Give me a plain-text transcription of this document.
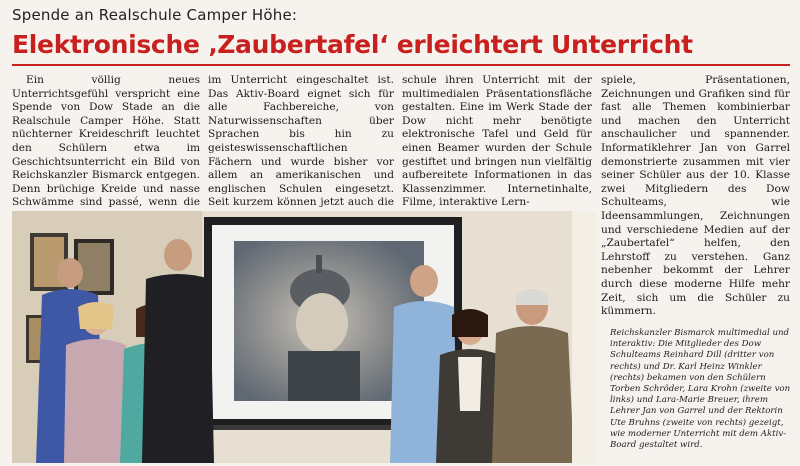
Spende an Realschule Camper Höhe:
Elektronische ‚Zaubertafel‘ erleichtert Unterricht

Ein völlig neues Unterrichtsgefühl verspricht eine Spende von Dow Stade an die Realschule Camper Höhe. Statt nüchterner Kreideschrift leuchtet den Schülern etwa im Geschichtsunterricht ein Bild von Reichskanzler Bismarck entgegen. Denn brüchige Kreide und nasse Schwämme sind passé, wenn die

im Unterricht eingeschaltet ist. Das Aktiv-Board eignet sich für alle Fachbereiche, von Naturwissenschaften über Sprachen bis hin zu geisteswissenschaftlichen Fächern und wurde bisher vor allem an amerikanischen und englischen Schulen eingesetzt. Seit kurzem können jetzt auch die

schule ihren Unterricht mit der multimedialen Präsentationsfläche gestalten. Eine im Werk Stade der Dow nicht mehr benötigte elektronische Tafel und Geld für einen Beamer wurden der Schule gestiftet und bringen nun vielfältig aufbereitete Informationen in das Klassenzimmer. Internetinhalte, Filme, interaktive Lern-

spiele, Präsentationen, Zeichnungen und Grafiken sind für fast alle Themen kombinierbar und machen den Unterricht anschaulicher und spannender. Informatiklehrer Jan von Garrel demonstrierte zusammen mit vier seiner Schüler aus der 10. Klasse zwei Mitgliedern des Dow Schulteams, wie Ideensammlungen, Zeichnungen und verschiedene Medien auf der „Zaubertafel“ helfen, den Lehrstoff zu verstehen. Ganz nebenher bekommt der Lehrer durch diese moderne Hilfe mehr Zeit, sich um die Schüler zu kümmern.

Reichskanzler Bismarck multimedial und interaktiv: Die Mitglieder des Dow Schulteams Reinhard Dill (dritter von rechts) und Dr. Karl Heinz Winkler (rechts) bekamen von den Schülern Torben Schröder, Lara Krohn (zweite von links) und Lara-Marie Breuer, ihrem Lehrer Jan von Garrel und der Rektorin Ute Bruhns (zweite von rechts) gezeigt, wie moderner Unterricht mit dem Aktiv-Board gestaltet wird.
